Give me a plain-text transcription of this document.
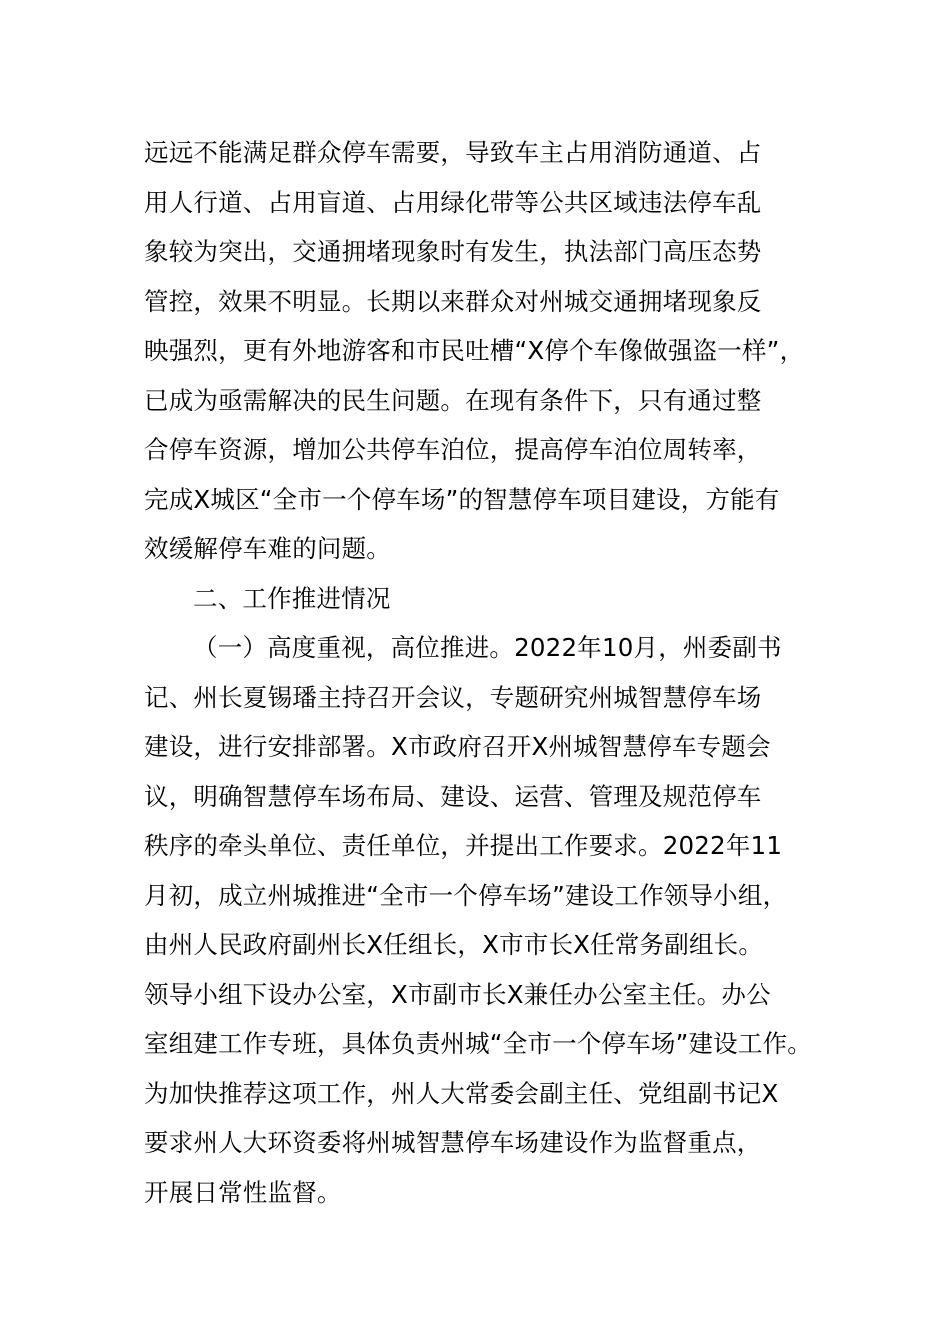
远远不能满足群众停车需要，导致车主占用消防通道、占
用人行道、占用盲道、占用绿化带等公共区域违法停车乱
象较为突出，交通拥堵现象时有发生，执法部门高压态势
管控，效果不明显。长期以来群众对州城交通拥堵现象反
映强烈，更有外地游客和市民吐槽“X停个车像做强盗一样”，
已成为亟需解决的民生问题。在现有条件下，只有通过整
合停车资源，增加公共停车泊位，提高停车泊位周转率，
完成X城区“全市一个停车场”的智慧停车项目建设，方能有
效缓解停车难的问题。
二、工作推进情况
（一）高度重视，高位推进。2022年10月，州委副书
记、州长夏锡璠主持召开会议，专题研究州城智慧停车场
建设，进行安排部署。X市政府召开X州城智慧停车专题会
议，明确智慧停车场布局、建设、运营、管理及规范停车
秩序的牵头单位、责任单位，并提出工作要求。2022年11
月初，成立州城推进“全市一个停车场”建设工作领导小组，
由州人民政府副州长X任组长，X市市长X任常务副组长。
领导小组下设办公室，X市副市长X兼任办公室主任。办公
室组建工作专班，具体负责州城“全市一个停车场”建设工作。
为加快推荐这项工作，州人大常委会副主任、党组副书记X
要求州人大环资委将州城智慧停车场建设作为监督重点，
开展日常性监督。
